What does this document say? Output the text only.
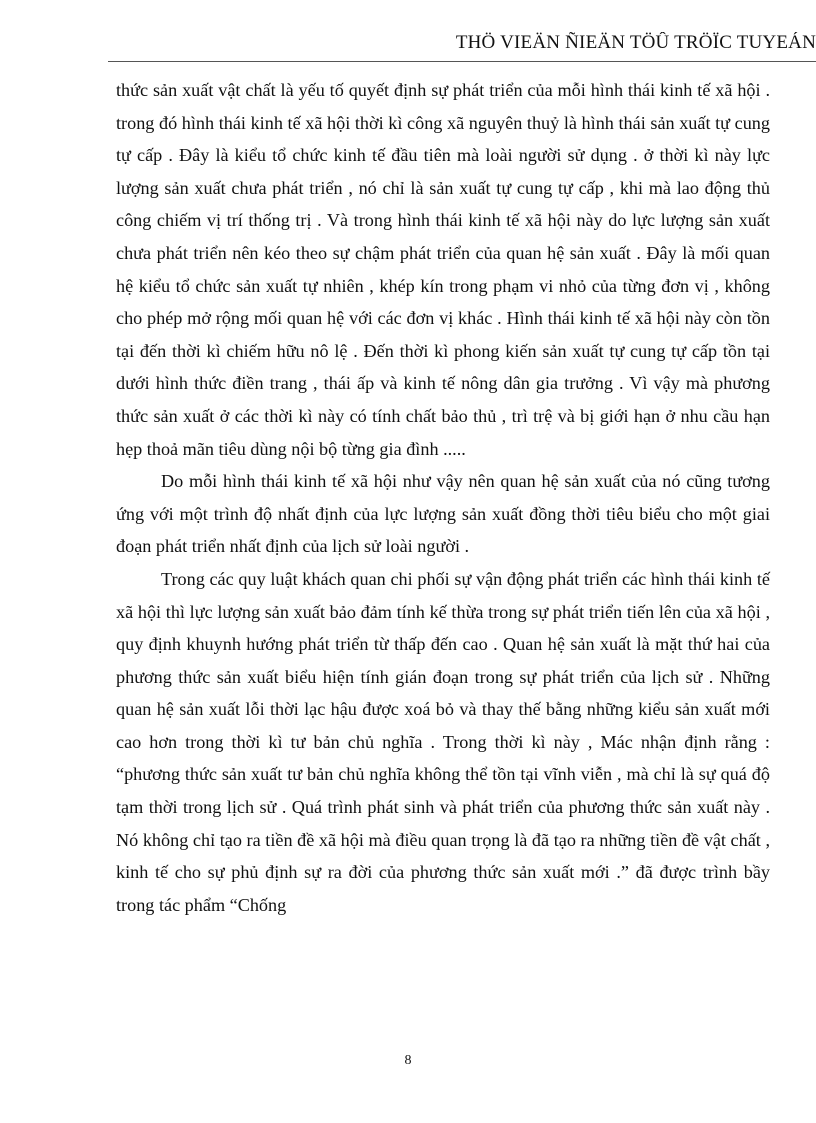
THÖ VIEÄN ÑIEÄN TÖÛ TRÖÏC TUYEÁN

thức sản xuất vật chất là yếu tố quyết định sự phát triển của mỗi hình thái kinh tế xã hội . trong đó hình thái kinh tế xã hội thời kì công xã nguyên thuỷ là hình thái sản xuất tự cung tự cấp . Đây là kiểu tổ chức kinh tế đầu tiên mà loài người sử dụng . ở thời kì này lực lượng sản xuất chưa phát triển , nó chỉ là sản xuất tự cung tự cấp , khi mà lao động thủ công chiếm vị trí thống trị . Và trong hình thái kinh tế xã hội này do lực lượng sản xuất chưa phát triển nên kéo theo sự chậm phát triển của quan hệ sản xuất . Đây là mối quan hệ kiểu tổ chức sản xuất tự nhiên , khép kín trong phạm vi nhỏ của từng đơn vị , không cho phép mở rộng mối quan hệ với các đơn vị khác . Hình thái kinh tế xã hội này còn tồn tại đến thời kì chiếm hữu nô lệ . Đến thời kì phong kiến sản xuất tự cung tự cấp tồn tại dưới hình thức điền trang , thái ấp và kinh tế nông dân gia trưởng . Vì vậy mà phương thức sản xuất ở các thời kì này có tính chất bảo thủ , trì trệ và bị giới hạn ở nhu cầu hạn hẹp thoả mãn tiêu dùng nội bộ từng gia đình .....

Do mỗi hình thái kinh tế xã hội như vậy nên quan hệ sản xuất của nó cũng tương ứng với một trình độ nhất định của lực lượng sản xuất đồng thời tiêu biểu cho một giai đoạn phát triển nhất định của lịch sử loài người .

Trong các quy luật khách quan chi phối sự vận động phát triển các hình thái kinh tế xã hội thì lực lượng sản xuất bảo đảm tính kế thừa trong sự phát triển tiến lên của xã hội , quy định khuynh hướng phát triển từ thấp đến cao . Quan hệ sản xuất là mặt thứ hai của phương thức sản xuất biểu hiện tính gián đoạn trong sự phát triển của lịch sử . Những quan hệ sản xuất lỗi thời lạc hậu được xoá bỏ và thay thế bằng những kiểu sản xuất mới cao hơn trong thời kì tư bản chủ nghĩa . Trong thời kì này , Mác nhận định rằng : “phương thức sản xuất tư bản chủ nghĩa không thể tồn tại vĩnh viễn , mà chỉ là sự quá độ tạm thời trong lịch sử . Quá trình phát sinh và phát triển của phương thức sản xuất này . Nó không chỉ tạo ra tiền đề xã hội mà điều quan trọng là đã tạo ra những tiền đề vật chất , kinh tế cho sự phủ định sự ra đời của phương thức sản xuất mới .” đã được trình bầy trong tác phẩm “Chống

8
